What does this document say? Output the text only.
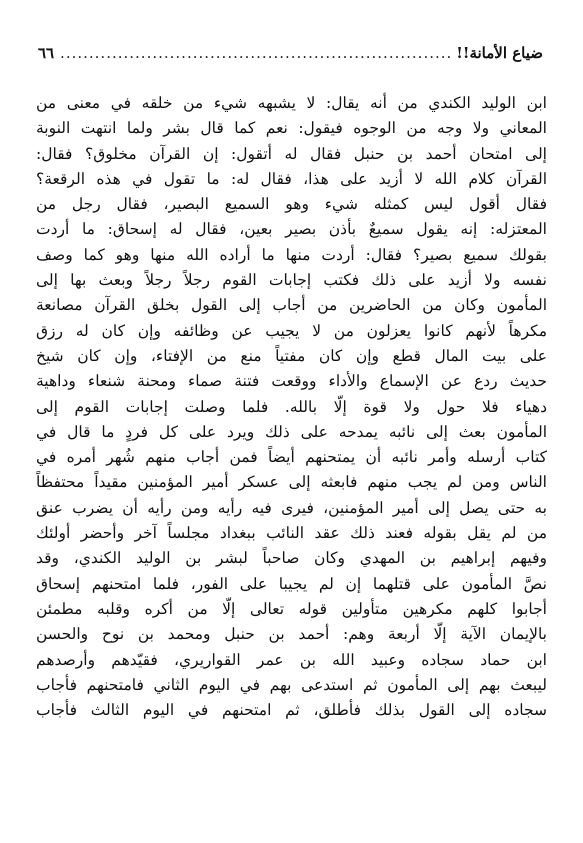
ضياع الأمانة!!
.....
٦٦
ابن الوليد الكندي من أنه يقال: لا يشبهه شيء من خلقه في معنى من
المعاني ولا وجه من الوجوه فيقول: نعم كما قال بشر ولما انتهت النوبة
إلى امتحان أحمد بن حنبل فقال له أتقول: إن القرآن مخلوق؟ فقال:
القرآن كلام الله لا أزيد على هذا، فقال له: ما تقول في هذه الرقعة؟
فقال أقول ليس كمثله شيء وهو السميع البصير، فقال رجل من
المعتزله: إنه يقول سميعٌ بأذن بصير بعين، فقال له إسحاق: ما أردت
بقولك سميع بصير؟ فقال: أردت منها ما أراده الله منها وهو كما وصف
نفسه ولا أزيد على ذلك فكتب إجابات القوم رجلاً رجلاً وبعث بها إلى
المأمون وكان من الحاضرين من أجاب إلى القول بخلق القرآن مصانعة
مكرهاً لأنهم كانوا يعزلون من لا يجيب عن وظائفه وإن كان له رزق
على بيت المال قطع وإن كان مفتياً منع من الإفتاء، وإن كان شيخ
حديث ردع عن الإسماع والأداء ووقعت فتنة صماء ومحنة شنعاء وداهية
دهياء فلا حول ولا قوة إلّا بالله. فلما وصلت إجابات القوم إلى
المأمون بعث إلى نائبه يمدحه على ذلك ويرد على كل فردٍ ما قال في
كتاب أرسله وأمر نائبه أن يمتحنهم أيضاً فمن أجاب منهم شُهر أمره في
الناس ومن لم يجب منهم فابعثه إلى عسكر أمير المؤمنين مقيداً محتفظاً
به حتى يصل إلى أمير المؤمنين، فيرى فيه رأيه ومن رأيه أن يضرب عنق
من لم يقل بقوله فعند ذلك عقد النائب ببغداد مجلساً آخر وأحضر أولئك
وفيهم إبراهيم بن المهدي وكان صاحباً لبشر بن الوليد الكندي، وقد
نصَّ المأمون على قتلهما إن لم يجيبا على الفور، فلما امتحنهم إسحاق
أجابوا كلهم مكرهين متأولين قوله تعالى إلّا من أكره وقلبه مطمئن
بالإيمان الآية إلّا أربعة وهم: أحمد بن حنبل ومحمد بن نوح والحسن
ابن حماد سجاده وعبيد الله بن عمر القواريري، فقيّدهم وأرصدهم
ليبعث بهم إلى المأمون ثم استدعى بهم في اليوم الثاني فامتحنهم فأجاب
سجاده إلى القول بذلك فأطلق، ثم امتحنهم في اليوم الثالث فأجاب
